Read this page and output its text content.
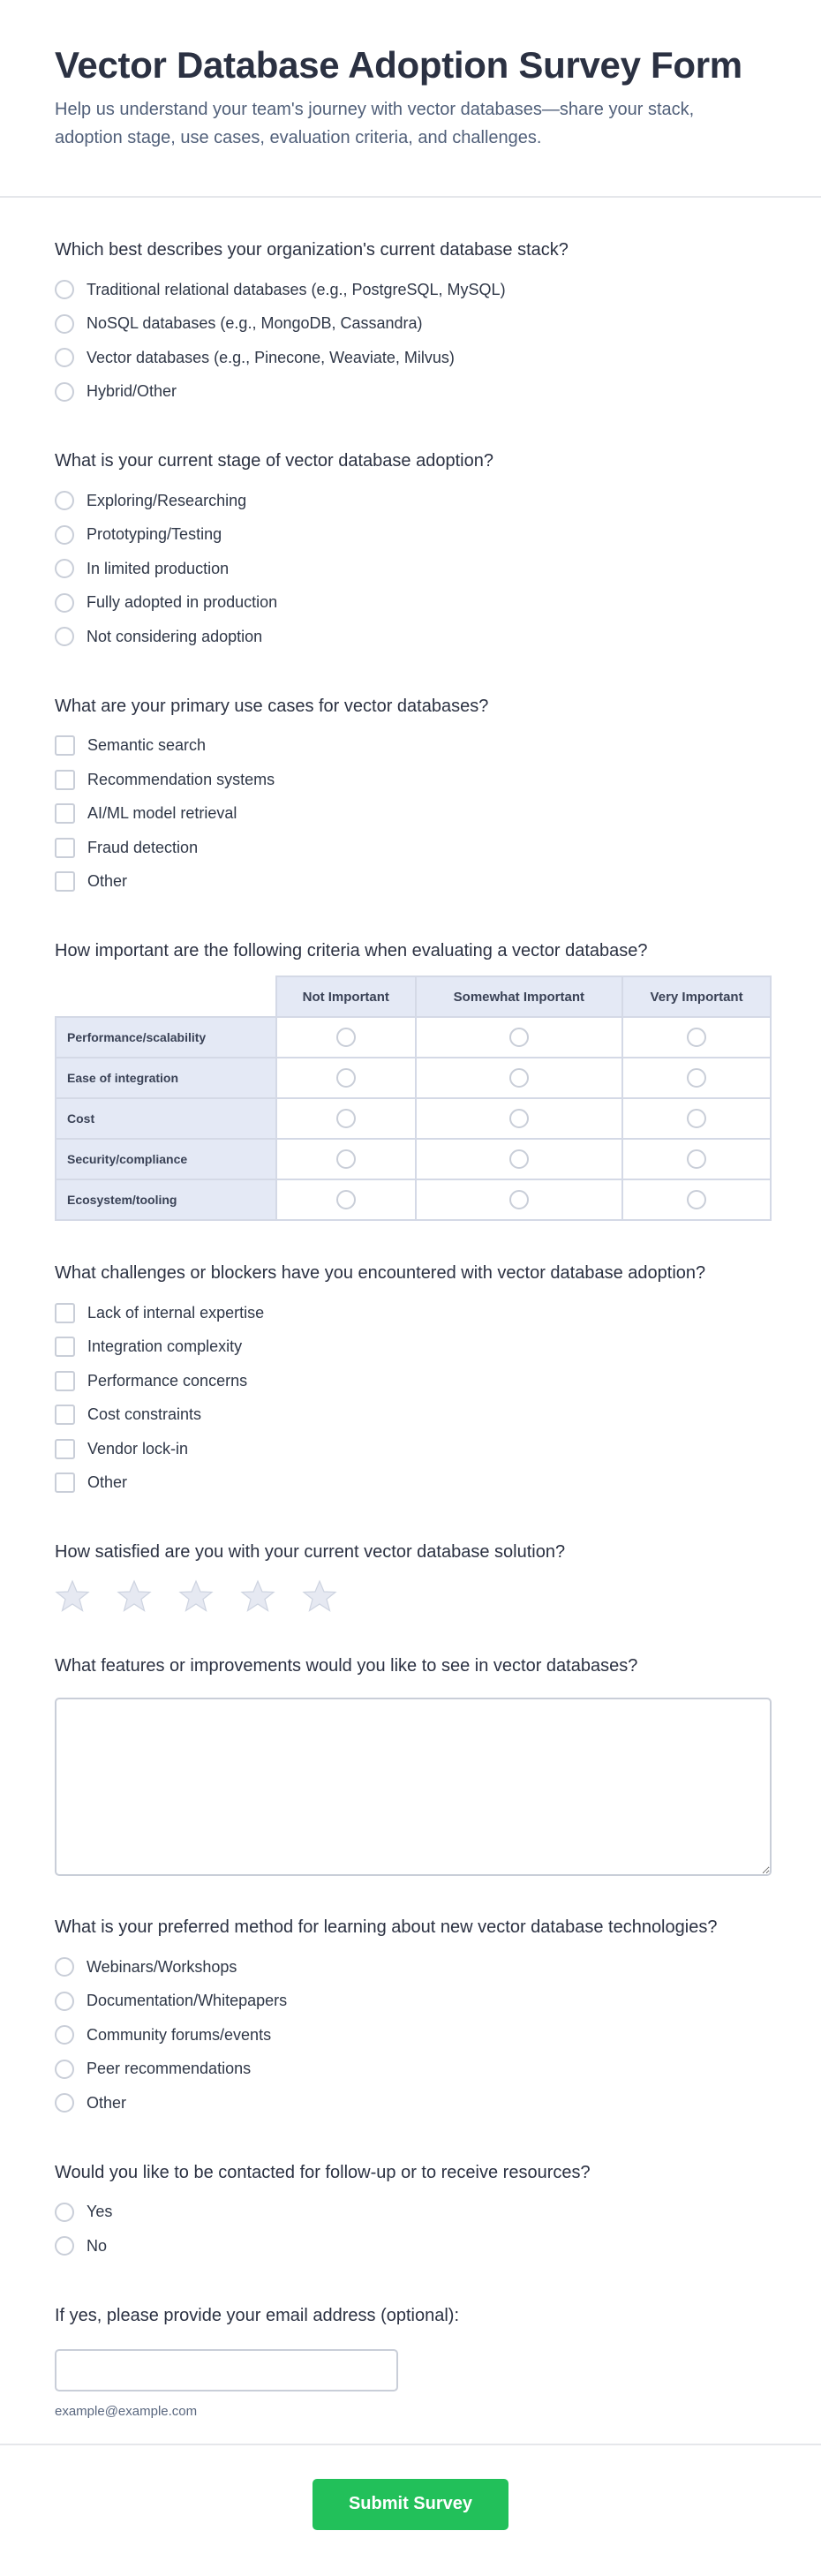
Vector Database Adoption Survey Form

Help us understand your team's journey with vector databases—share your stack, adoption stage, use cases, evaluation criteria, and challenges.

Which best describes your organization's current database stack?
Traditional relational databases (e.g., PostgreSQL, MySQL)
NoSQL databases (e.g., MongoDB, Cassandra)
Vector databases (e.g., Pinecone, Weaviate, Milvus)
Hybrid/Other
What is your current stage of vector database adoption?
Exploring/Researching
Prototyping/Testing
In limited production
Fully adopted in production
Not considering adoption
What are your primary use cases for vector databases?
Semantic search
Recommendation systems
AI/ML model retrieval
Fraud detection
Other
How important are the following criteria when evaluating a vector database?
	Not Important	Somewhat Important	Very Important
Performance/scalability			
Ease of integration			
Cost			
Security/compliance			
Ecosystem/tooling			
What challenges or blockers have you encountered with vector database adoption?
Lack of internal expertise
Integration complexity
Performance concerns
Cost constraints
Vendor lock-in
Other
How satisfied are you with your current vector database solution?
What features or improvements would you like to see in vector databases?
What is your preferred method for learning about new vector database technologies?
Webinars/Workshops
Documentation/Whitepapers
Community forums/events
Peer recommendations
Other
Would you like to be contacted for follow-up or to receive resources?
Yes
No
If yes, please provide your email address (optional):
example@example.com
Submit Survey
